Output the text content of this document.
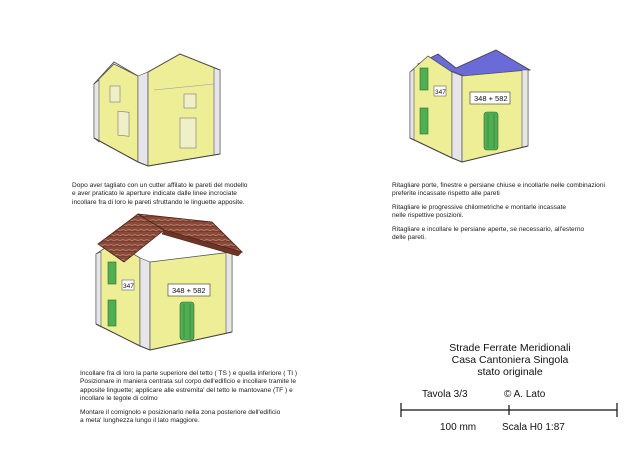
347
348 + 582
347	348 + 582
Dopo aver tagliato con un cutter affilato le pareti del modello
e aver praticato le aperture indicate dalle linee incrociate
incollare fra di loro le pareti sfruttando le linguette apposite.

Ritagliare porte, finestre e persiane chiuse e incollarle nelle combinazioni
preferite incassate rispetto alle pareti

Ritagliare le progressive chilometriche e montarle incassate
nelle rispettive posizioni.

Ritagliare e incollare le persiane aperte, se necessario, all'esterno
delle pareti.

Incollare fra di loro la parte superiore del tetto ( TS ) e quella inferiore ( TI )
Posizionare in maniera centrata sul corpo dell'edificio e incollare tramite le
apposite linguette; applicare alle estremita' del tetto le mantovane (TF ) e
incollare le tegole di colmo

Montare il comignolo e posizionarlo nella zona posteriore dell'edificio
a meta' lunghezza lungo il lato maggiore.

Strade Ferrate Meridionali
Casa Cantoniera Singola
stato originale
Tavola 3/3	© A. Lato
100 mm	Scala H0 1:87
